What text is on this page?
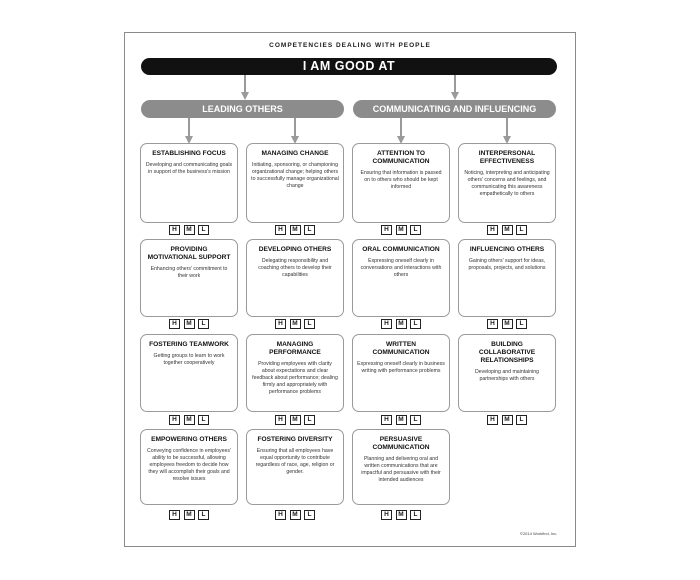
COMPETENCIES DEALING WITH PEOPLE
I AM GOOD AT
LEADING OTHERS	COMMUNICATING AND INFLUENCING
ESTABLISHING FOCUS
Developing and communicating goals in support of the business's mission
H	M	L
MANAGING CHANGE
Initiating, sponsoring, or championing organizational change; helping others to successfully manage organizational change
H	M	L
ATTENTION TO COMMUNICATION
Ensuring that information is passed on to others who should be kept informed
H	M	L
INTERPERSONAL EFFECTIVENESS
Noticing, interpreting and anticipating others' concerns and feelings, and communicating this awareness empathetically to others
H	M	L
PROVIDING MOTIVATIONAL SUPPORT
Enhancing others' commitment to their work
H	M	L
DEVELOPING OTHERS
Delegating responsibility and coaching others to develop their capabilities
H	M	L
ORAL COMMUNICATION
Expressing oneself clearly in conversations and interactions with others
H	M	L
INFLUENCING OTHERS
Gaining others' support for ideas, proposals, projects, and solutions
H	M	L
FOSTERING TEAMWORK
Getting groups to learn to work together cooperatively
H	M	L
MANAGING PERFORMANCE
Providing employees with clarity about expectations and clear feedback about performance; dealing firmly and appropriately with performance problems
H	M	L
WRITTEN COMMUNICATION
Expressing oneself clearly in business writing with performance problems
H	M	L
BUILDING COLLABORATIVE RELATIONSHIPS
Developing and maintaining partnerships with others
H	M	L
EMPOWERING OTHERS
Conveying confidence in employees' ability to be successful, allowing employees freedom to decide how they will accomplish their goals and resolve issues
H	M	L
FOSTERING DIVERSITY
Ensuring that all employees have equal opportunity to contribute regardless of race, age, religion or gender.
H	M	L
PERSUASIVE COMMUNICATION
Planning and delivering oral and written communications that are impactful and persuasive with their intended audiences
H	M	L
©2014 Workfind, Inc.
